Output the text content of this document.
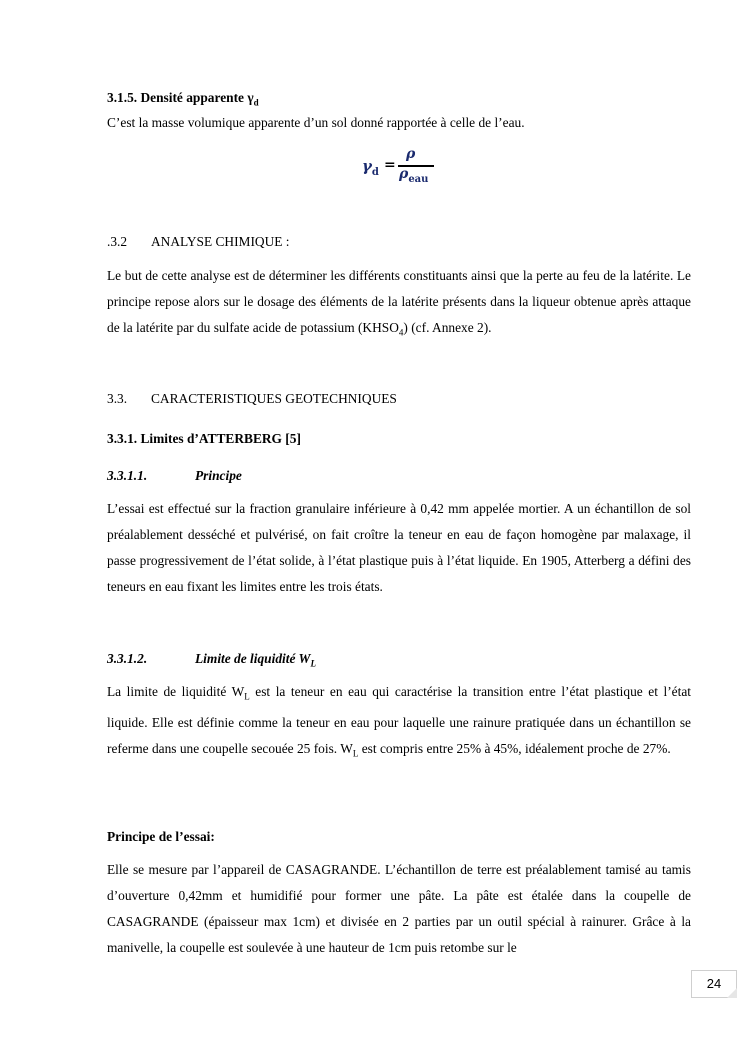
3.1.5. Densité apparente $\gamma_d$

C’est la masse volumique apparente d’un sol donné rapportée à celle de l’eau.

$\gamma_d$ =
ρ
$\rho_{eau}$

.3.2 ANALYSE CHIMIQUE :

Le but de cette analyse est de déterminer les différents constituants ainsi que la perte au feu de la latérite. Le principe repose alors sur le dosage des éléments de la latérite présents dans la liqueur obtenue après attaque de la latérite par du sulfate acide de potassium $(KHSO_4)$ (cf. Annexe 2).

3.3. CARACTERISTIQUES GEOTECHNIQUES

3.3.1. Limites d’ATTERBERG [5]

3.3.1.1.	Principe

L’essai est effectué sur la fraction granulaire inférieure à 0,42 mm appelée mortier. A un échantillon de sol préalablement desséché et pulvérisé, on fait croître la teneur en eau de façon homogène par malaxage, il passe progressivement de l’état solide, à l’état plastique puis à l’état liquide. En 1905, Atterberg a défini des teneurs en eau fixant les limites entre les trois états.

3.3.1.2.	Limite de liquidité $W_L$

La limite de liquidité $W_L$ est la teneur en eau qui caractérise la transition entre l’état plastique et l’état liquide. Elle est définie comme la teneur en eau pour laquelle une rainure pratiquée dans un échantillon se referme dans une coupelle secouée 25 fois. $W_L$ est compris entre 25% à 45%, idéalement proche de 27%.

Principe de l’essai:

Elle se mesure par l’appareil de CASAGRANDE. L’échantillon de terre est préalablement tamisé au tamis d’ouverture 0,42mm et humidifié pour former une pâte. La pâte est étalée dans la coupelle de CASAGRANDE (épaisseur max 1cm) et divisée en 2 parties par un outil spécial à rainurer. Grâce à la manivelle, la coupelle est soulevée à une hauteur de 1cm puis retombe sur le

24
